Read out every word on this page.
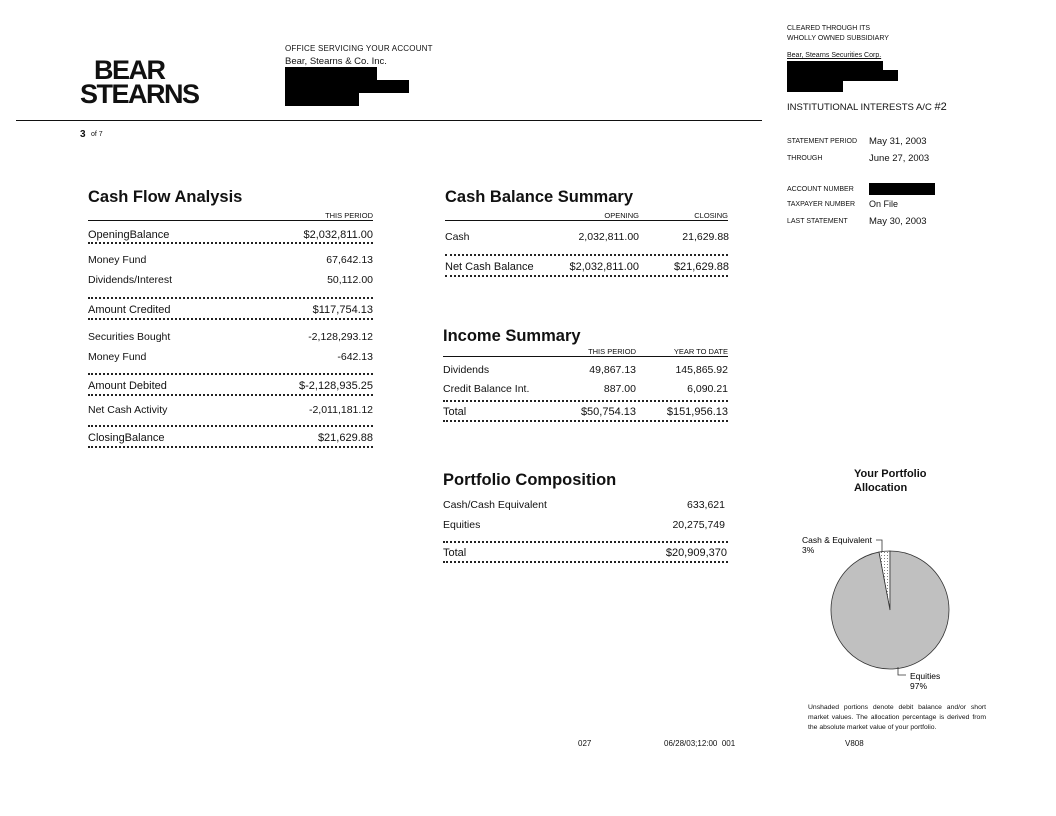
BEAR
STEARNS
OFFICE SERVICING YOUR ACCOUNT
Bear, Stearns & Co. Inc.
3 of 7
CLEARED THROUGH ITS
WHOLLY OWNED SUBSIDIARY
Bear, Stearns Securities Corp.
INSTITUTIONAL INTERESTS A/C #2
STATEMENT PERIOD May 31, 2003
THROUGH	June 27, 2003
ACCOUNT NUMBER
TAXPAYER NUMBER On File
LAST STATEMENT May 30, 2003
Cash Flow Analysis
THIS PERIOD
OpeningBalance	$2,032,811.00
Money Fund	67,642.13
Dividends/Interest	50,112.00
Amount Credited	$117,754.13
Securities Bought	-2,128,293.12
Money Fund	-642.13
Amount Debited	$-2,128,935.25
Net Cash Activity	-2,011,181.12
ClosingBalance	$21,629.88
Cash Balance Summary
OPENING	CLOSING
Cash	2,032,811.00	21,629.88
Net Cash Balance	$2,032,811.00	$21,629.88
Income Summary
THIS PERIOD	YEAR TO DATE
Dividends	49,867.13	145,865.92
Credit Balance Int.	887.00	6,090.21
Total	$50,754.13	$151,956.13
Portfolio Composition
Cash/Cash Equivalent	633,621
Equities	20,275,749
Total	$20,909,370
Your Portfolio
Allocation
Cash & Equivalent
3%
Equities
97%
Unshaded portions denote debit balance and/or short market values. The allocation percentage is derived from the absolute market value of your portfolio.
027	06/28/03;12:00  001	V808
